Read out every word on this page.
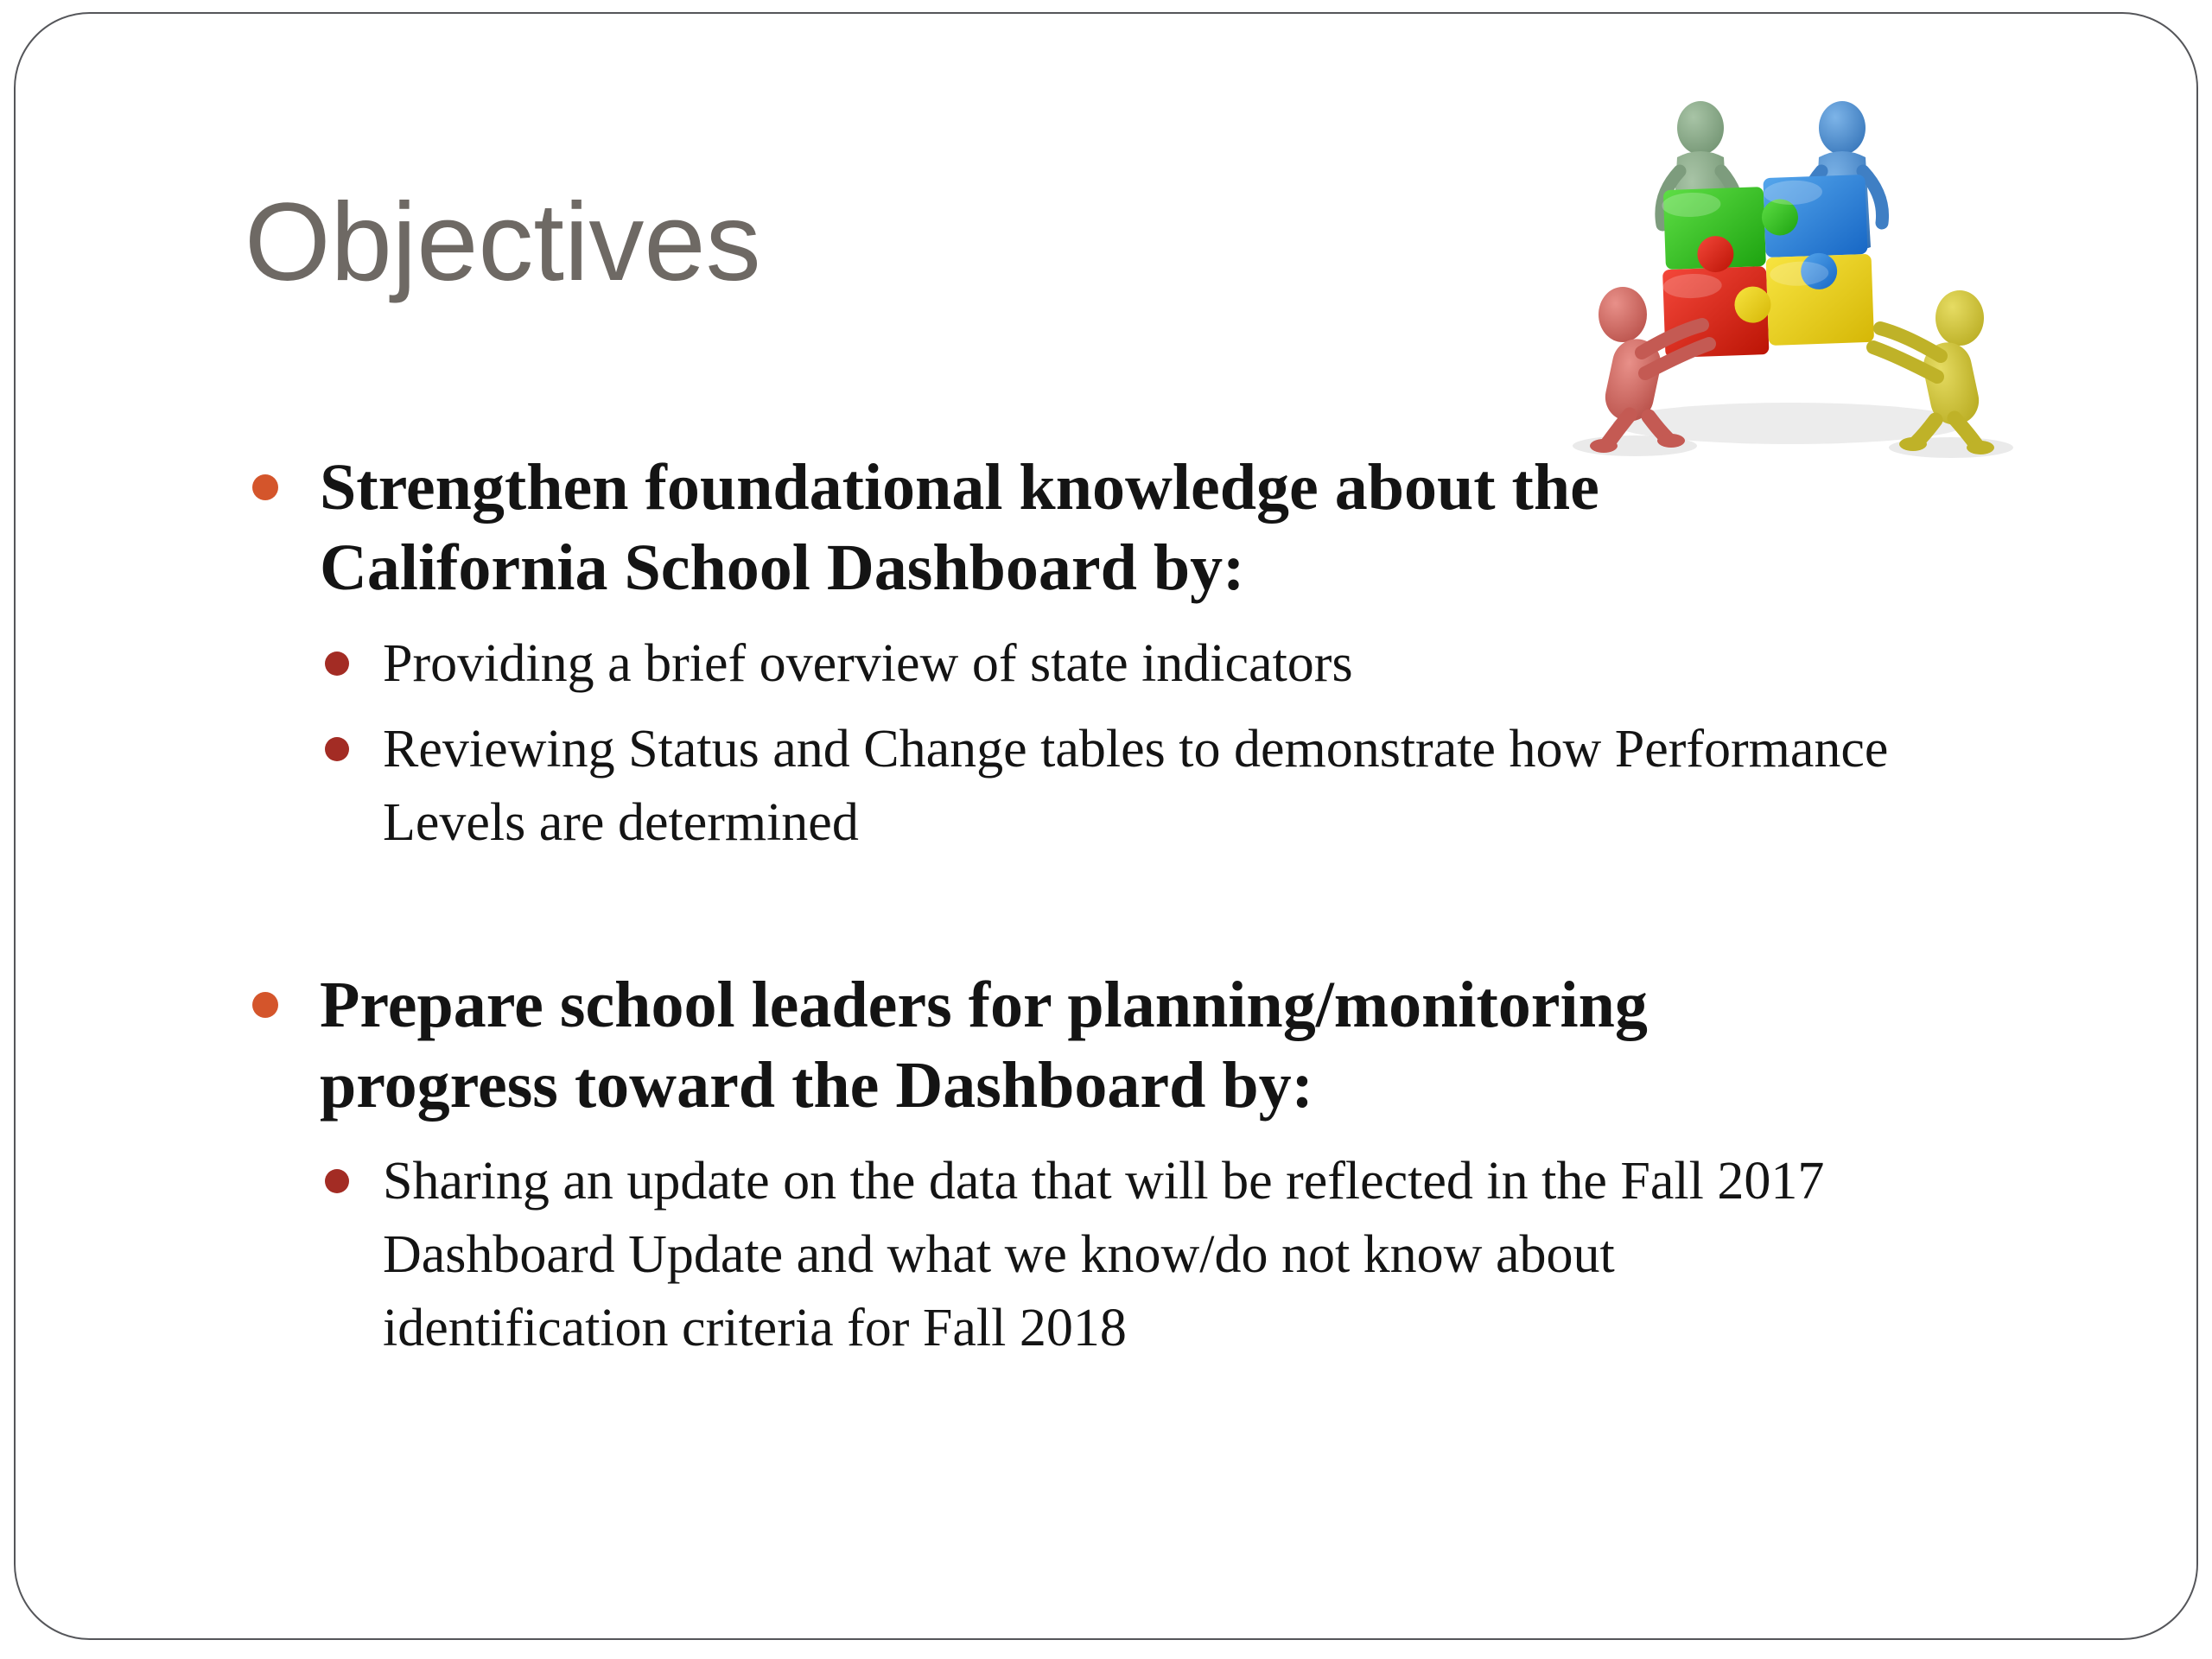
Objectives
Strengthen foundational knowledge about the
California School Dashboard by:
Providing a brief overview of state indicators
Reviewing Status and Change tables to demonstrate how Performance
Levels are determined
Prepare school leaders for planning/monitoring
progress toward the Dashboard by:
Sharing an update on the data that will be reflected in the Fall 2017
Dashboard Update and what we know/do not know about
identification criteria for Fall 2018
